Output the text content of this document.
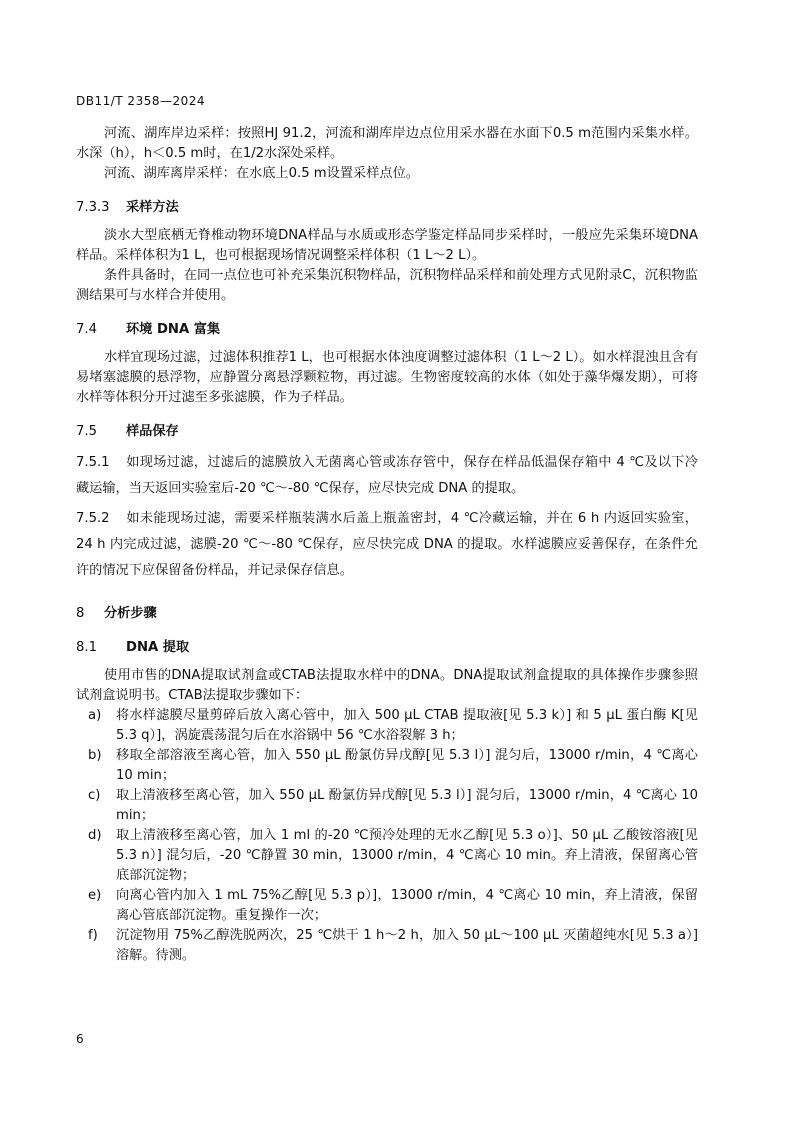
DB11/T 2358—2024

河流、湖库岸边采样：按照HJ 91.2，河流和湖库岸边点位用采水器在水面下0.5 m范围内采集水样。水深（h），h＜0.5 m时，在1/2水深处采样。

河流、湖库离岸采样：在水底上0.5 m设置采样点位。

7.3.3 采样方法

淡水大型底栖无脊椎动物环境DNA样品与水质或形态学鉴定样品同步采样时，一般应先采集环境DNA样品。采样体积为1 L，也可根据现场情况调整采样体积（1 L～2 L）。

条件具备时，在同一点位也可补充采集沉积物样品，沉积物样品采样和前处理方式见附录C，沉积物监测结果可与水样合并使用。

7.4 环境 DNA 富集

水样宜现场过滤，过滤体积推荐1 L，也可根据水体浊度调整过滤体积（1 L～2 L）。如水样混浊且含有易堵塞滤膜的悬浮物，应静置分离悬浮颗粒物，再过滤。生物密度较高的水体（如处于藻华爆发期），可将水样等体积分开过滤至多张滤膜，作为子样品。

7.5 样品保存

7.5.1 如现场过滤，过滤后的滤膜放入无菌离心管或冻存管中，保存在样品低温保存箱中 4 ℃及以下冷藏运输，当天返回实验室后-20 ℃～-80 ℃保存，应尽快完成 DNA 的提取。

7.5.2 如未能现场过滤，需要采样瓶装满水后盖上瓶盖密封，4 ℃冷藏运输，并在 6 h 内返回实验室，24 h 内完成过滤，滤膜-20 ℃～-80 ℃保存，应尽快完成 DNA 的提取。水样滤膜应妥善保存，在条件允许的情况下应保留备份样品，并记录保存信息。

8 分析步骤

8.1 DNA 提取

使用市售的DNA提取试剂盒或CTAB法提取水样中的DNA。DNA提取试剂盒提取的具体操作步骤参照试剂盒说明书。CTAB法提取步骤如下：

a)	将水样滤膜尽量剪碎后放入离心管中，加入 500 μL CTAB 提取液[见 5.3 k）] 和 5 μL 蛋白酶 K[见 5.3 q）]，涡旋震荡混匀后在水浴锅中 56 ℃水浴裂解 3 h；
b)	移取全部溶液至离心管，加入 550 μL 酚氯仿异戊醇[见 5.3 l）] 混匀后，13000 r/min，4 ℃离心 10 min；
c)	取上清液移至离心管，加入 550 μL 酚氯仿异戊醇[见 5.3 l）] 混匀后，13000 r/min，4 ℃离心 10 min；
d)	取上清液移至离心管，加入 1 ml 的-20 ℃预冷处理的无水乙醇[见 5.3 o）]、50 μL 乙酸铵溶液[见 5.3 n）] 混匀后，-20 ℃静置 30 min，13000 r/min，4 ℃离心 10 min。弃上清液，保留离心管底部沉淀物；
e)	向离心管内加入 1 mL 75%乙醇[见 5.3 p）]，13000 r/min，4 ℃离心 10 min，弃上清液，保留离心管底部沉淀物。重复操作一次；
f)	沉淀物用 75%乙醇洗脱两次，25 ℃烘干 1 h～2 h，加入 50 μL～100 μL 灭菌超纯水[见 5.3 a）] 溶解。待测。
6
